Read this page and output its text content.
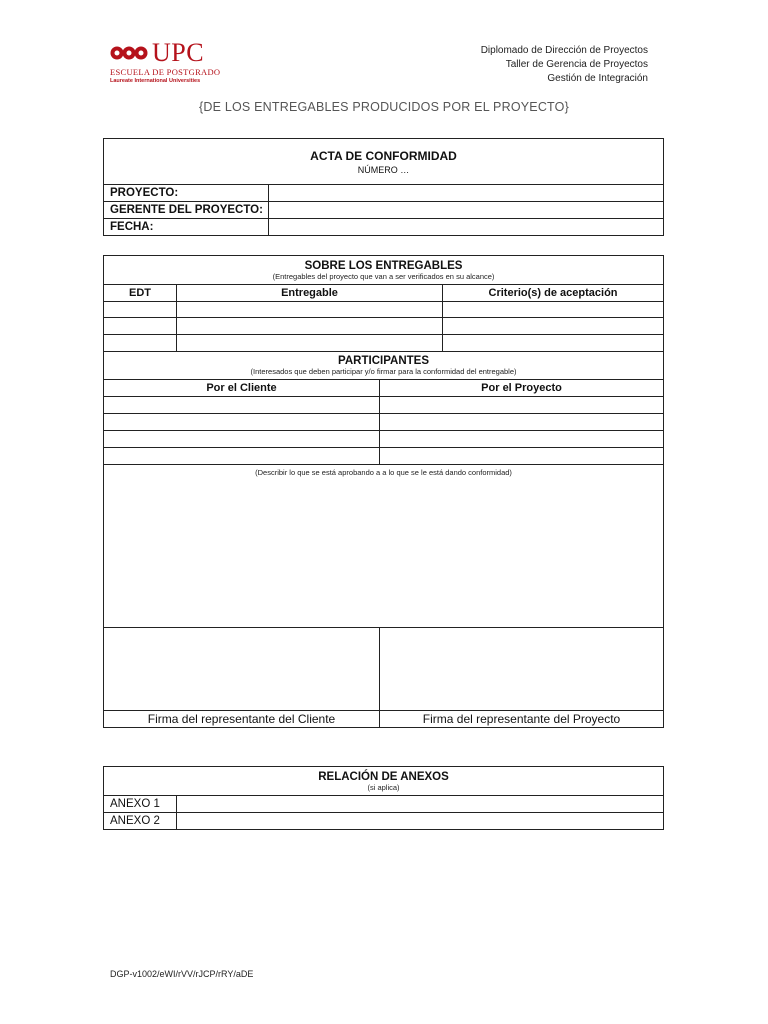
UPC
ESCUELA DE POSTGRADO
Laureate International Universities
Diplomado de Dirección de Proyectos
Taller de Gerencia de Proyectos
Gestión de Integración
{DE LOS ENTREGABLES PRODUCIDOS POR EL PROYECTO}
ACTA DE CONFORMIDAD
NÚMERO …	

PROYECTO:	
GERENTE DEL PROYECTO:	
FECHA:	
SOBRE LOS ENTREGABLES
(Entregables del proyecto que van a ser verificados en su alcance)			

EDT	Entregable		Criterio(s) de aceptación

PARTICIPANTES
(Interesados que deben participar y/o firmar para la conformidad del entregable)			

Por el Cliente		Por el Proyecto	

(Describir lo que se está aprobando a a lo que se le está dando conformidad)			

Firma del representante del Cliente		Firma del representante del Proyecto	
RELACIÓN DE ANEXOS
(si aplica)	

ANEXO 1	
ANEXO 2	
DGP-v1002/eWI/rVV/rJCP/rRY/aDE
